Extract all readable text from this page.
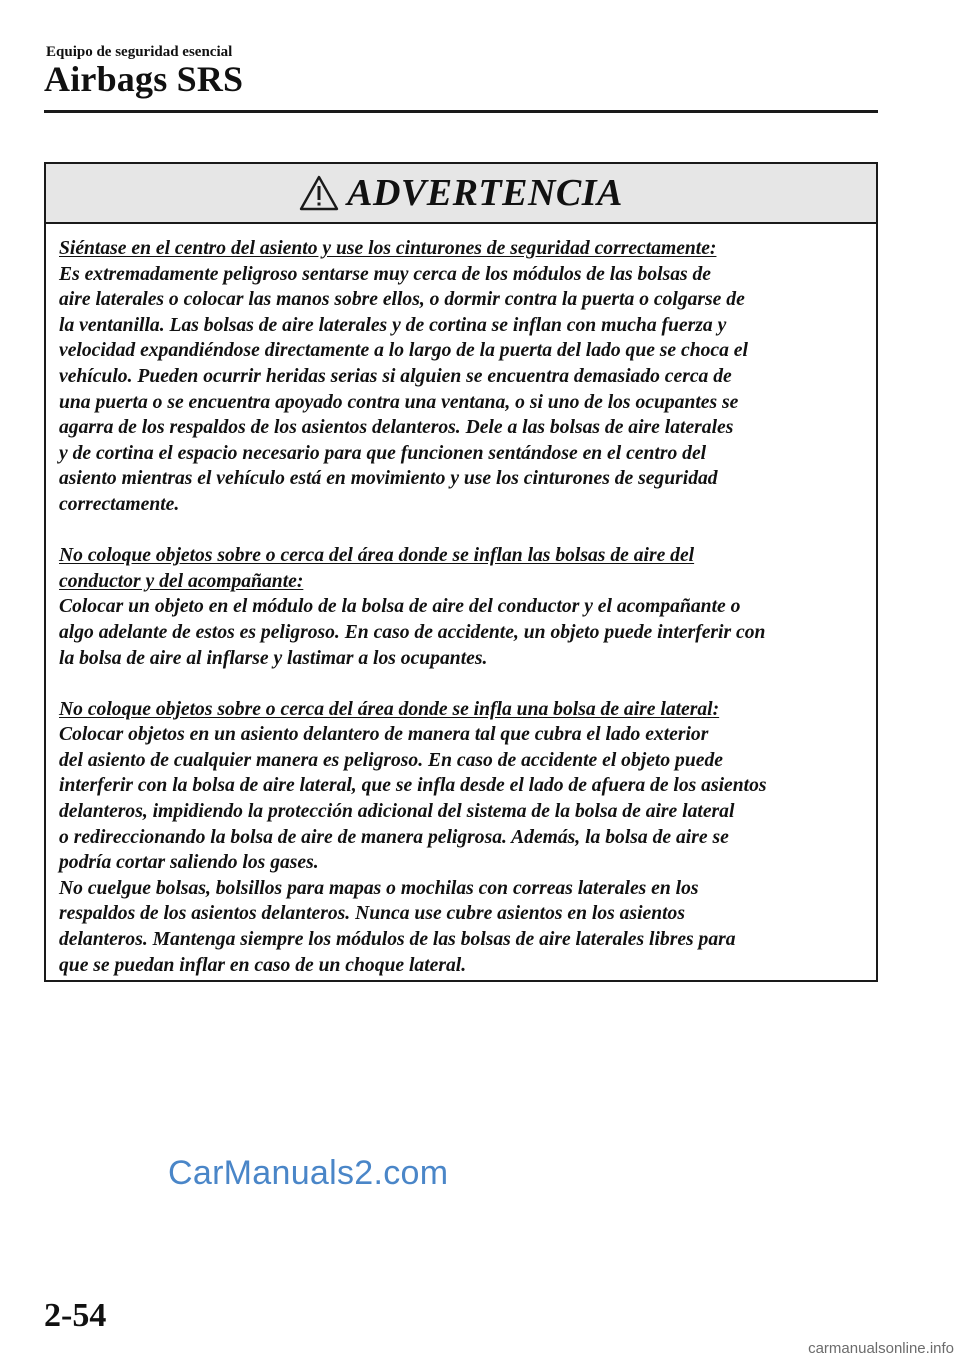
Equipo de seguridad esencial
Airbags SRS
ADVERTENCIA

Siéntase en el centro del asiento y use los cinturones de seguridad correctamente:

Es extremadamente peligroso sentarse muy cerca de los módulos de las bolsas de

aire laterales o colocar las manos sobre ellos, o dormir contra la puerta o colgarse de

la ventanilla. Las bolsas de aire laterales y de cortina se inflan con mucha fuerza y

velocidad expandiéndose directamente a lo largo de la puerta del lado que se choca el

vehículo. Pueden ocurrir heridas serias si alguien se encuentra demasiado cerca de

una puerta o se encuentra apoyado contra una ventana, o si uno de los ocupantes se

agarra de los respaldos de los asientos delanteros. Dele a las bolsas de aire laterales

y de cortina el espacio necesario para que funcionen sentándose en el centro del

asiento mientras el vehículo está en movimiento y use los cinturones de seguridad

correctamente.

No coloque objetos sobre o cerca del área donde se inflan las bolsas de aire del

conductor y del acompañante:

Colocar un objeto en el módulo de la bolsa de aire del conductor y el acompañante o

algo adelante de estos es peligroso. En caso de accidente, un objeto puede interferir con

la bolsa de aire al inflarse y lastimar a los ocupantes.

No coloque objetos sobre o cerca del área donde se infla una bolsa de aire lateral:

Colocar objetos en un asiento delantero de manera tal que cubra el lado exterior

del asiento de cualquier manera es peligroso. En caso de accidente el objeto puede

interferir con la bolsa de aire lateral, que se infla desde el lado de afuera de los asientos

delanteros, impidiendo la protección adicional del sistema de la bolsa de aire lateral

o redireccionando la bolsa de aire de manera peligrosa. Además, la bolsa de aire se

podría cortar saliendo los gases.

No cuelgue bolsas, bolsillos para mapas o mochilas con correas laterales en los

respaldos de los asientos delanteros. Nunca use cubre asientos en los asientos

delanteros. Mantenga siempre los módulos de las bolsas de aire laterales libres para

que se puedan inflar en caso de un choque lateral.

CarManuals2.com
2-54
carmanualsonline.info
